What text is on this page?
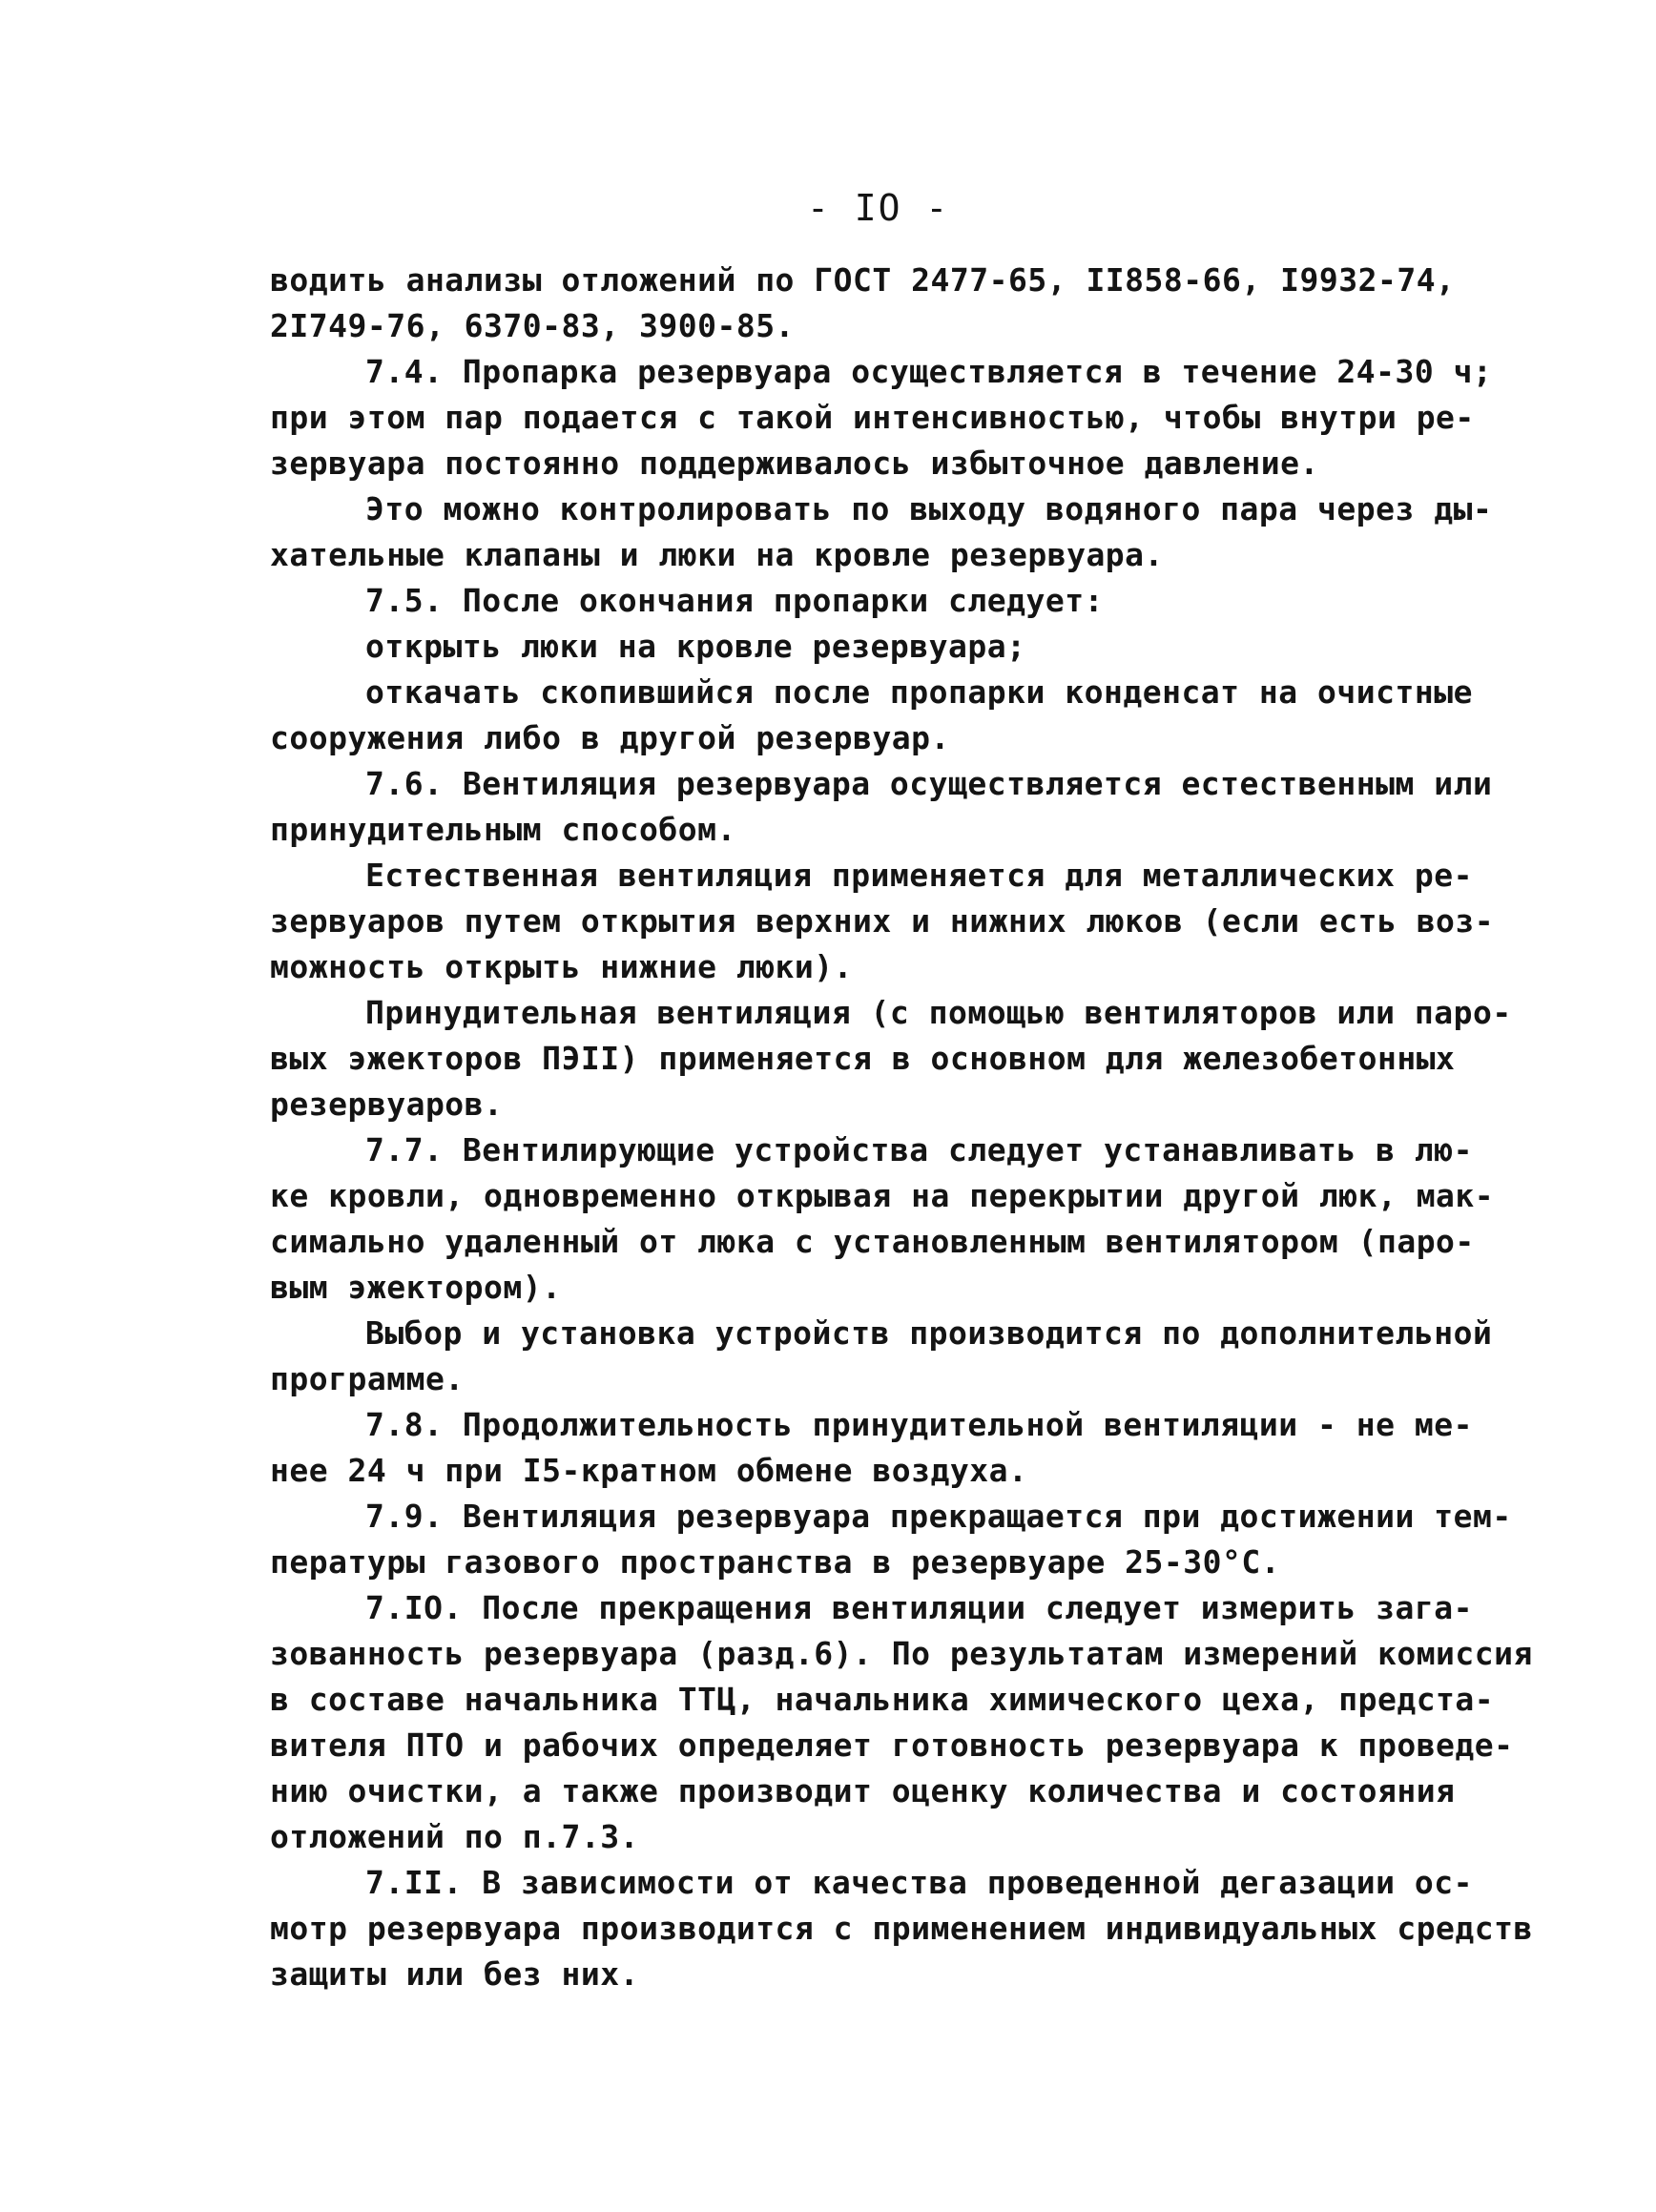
- IO -
водить анализы отложений по ГОСТ 2477-65, II858-66, I9932-74,
2I749-76, 6370-83, 3900-85.
7.4. Пропарка резервуара осуществляется в течение 24-30 ч;
при этом пар подается с такой интенсивностью, чтобы внутри ре-
зервуара постоянно поддерживалось избыточное давление.
Это можно контролировать по выходу водяного пара через ды-
хательные клапаны и люки на кровле резервуара.
7.5. После окончания пропарки следует:
открыть люки на кровле резервуара;
откачать скопившийся после пропарки конденсат на очистные
сооружения либо в другой резервуар.
7.6. Вентиляция резервуара осуществляется естественным или
принудительным способом.
Естественная вентиляция применяется для металлических ре-
зервуаров путем открытия верхних и нижних люков (если есть воз-
можность открыть нижние люки).
Принудительная вентиляция (с помощью вентиляторов или паро-
вых эжекторов ПЭII) применяется в основном для железобетонных
резервуаров.
7.7. Вентилирующие устройства следует устанавливать в лю-
ке кровли, одновременно открывая на перекрытии другой люк, мак-
симально удаленный от люка с установленным вентилятором (паро-
вым эжектором).
Выбор и установка устройств производится по дополнительной
программе.
7.8. Продолжительность принудительной вентиляции - не ме-
нее 24 ч при I5-кратном обмене воздуха.
7.9. Вентиляция резервуара прекращается при достижении тем-
пературы газового пространства в резервуаре 25-30°С.
7.IO. После прекращения вентиляции следует измерить зага-
зованность резервуара (разд.6). По результатам измерений комиссия
в составе начальника ТТЦ, начальника химического цеха, предста-
вителя ПТО и рабочих определяет готовность резервуара к проведе-
нию очистки, а также производит оценку количества и состояния
отложений по п.7.3.
7.II. В зависимости от качества проведенной дегазации ос-
мотр резервуара производится с применением индивидуальных средств
защиты или без них.
